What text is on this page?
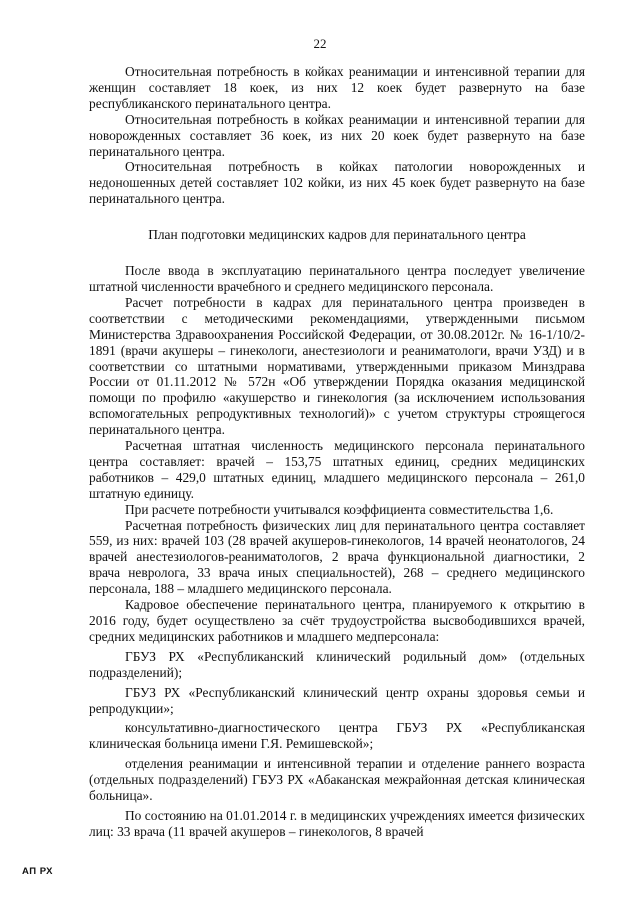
22

Относительная потребность в койках реанимации и интенсивной терапии для женщин составляет 18 коек, из них 12 коек будет развернуто на базе республиканского перинатального центра.

Относительная потребность в койках реанимации и интенсивной терапии для новорожденных составляет 36 коек, из них 20 коек будет развернуто на базе перинатального центра.

Относительная потребность в койках патологии новорожденных и недоношенных детей составляет 102 койки, из них 45 коек будет развернуто на базе перинатального центра.

План подготовки медицинских кадров для перинатального центра

После ввода в эксплуатацию перинатального центра последует увеличение штатной численности врачебного и среднего медицинского персонала.

Расчет потребности в кадрах для перинатального центра произведен в соответствии с методическими рекомендациями, утвержденными письмом Министерства Здравоохранения Российской Федерации, от 30.08.2012г. № 16-1/10/2-1891 (врачи акушеры – гинекологи, анестезиологи и реаниматологи, врачи УЗД) и в соответствии со штатными нормативами, утвержденными приказом Минздрава России от 01.11.2012 № 572н «Об утверждении Порядка оказания медицинской помощи по профилю «акушерство и гинекология (за исключением использования вспомогательных репродуктивных технологий)» с учетом структуры строящегося перинатального центра.

Расчетная штатная численность медицинского персонала перинатального центра составляет: врачей – 153,75 штатных единиц, средних медицинских работников – 429,0 штатных единиц, младшего медицинского персонала – 261,0 штатную единицу.

При расчете потребности учитывался коэффициента совместительства 1,6.

Расчетная потребность физических лиц для перинатального центра составляет 559, из них: врачей 103 (28 врачей акушеров-гинекологов, 14 врачей неонатологов, 24 врачей анестезиологов-реаниматологов, 2 врача функциональной диагностики, 2 врача невролога, 33 врача иных специальностей), 268 – среднего медицинского персонала, 188 – младшего медицинского персонала.

Кадровое обеспечение перинатального центра, планируемого к открытию в 2016 году, будет осуществлено за счёт трудоустройства высвободившихся врачей, средних медицинских работников и младшего медперсонала:

ГБУЗ РХ «Республиканский клинический родильный дом» (отдельных подразделений);

ГБУЗ РХ «Республиканский клинический центр охраны здоровья семьи и репродукции»;

консультативно-диагностического центра ГБУЗ РХ «Республиканская клиническая больница имени Г.Я. Ремишевской»;

отделения реанимации и интенсивной терапии и отделение раннего возраста (отдельных подразделений) ГБУЗ РХ «Абаканская межрайонная детская клиническая больница».

По состоянию на 01.01.2014 г. в медицинских учреждениях имеется физических лиц: 33 врача (11 врачей акушеров – гинекологов, 8 врачей

АП РХ
